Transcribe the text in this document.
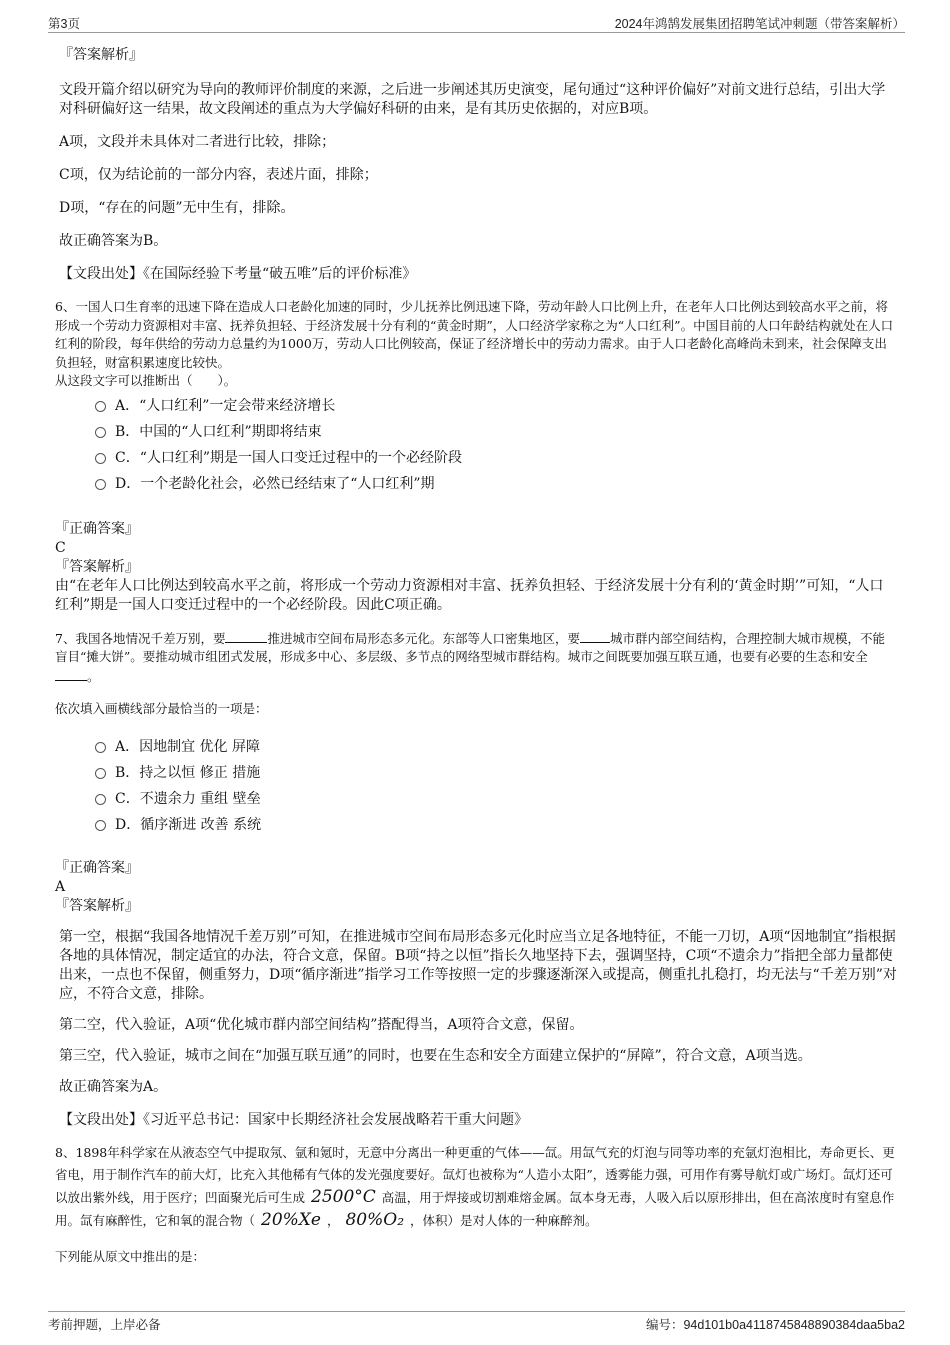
第3页	2024年鸿鹄发展集团招聘笔试冲刺题（带答案解析）
『答案解析』
文段开篇介绍以研究为导向的教师评价制度的来源，之后进一步阐述其历史演变，尾句通过“这种评价偏好”对前文进行总结，引出大学对科研偏好这一结果，故文段阐述的重点为大学偏好科研的由来，是有其历史依据的，对应B项。
A项，文段并未具体对二者进行比较，排除；
C项，仅为结论前的一部分内容，表述片面，排除；
D项，“存在的问题”无中生有，排除。
故正确答案为B。
【文段出处】《在国际经验下考量“破五唯”后的评价标准》
6、一国人口生育率的迅速下降在造成人口老龄化加速的同时，少儿抚养比例迅速下降，劳动年龄人口比例上升，在老年人口比例达到较高水平之前，将形成一个劳动力资源相对丰富、抚养负担轻、于经济发展十分有利的“黄金时期”，人口经济学家称之为“人口红利”。中国目前的人口年龄结构就处在人口红利的阶段，每年供给的劳动力总量约为1000万，劳动人口比例较高，保证了经济增长中的劳动力需求。由于人口老龄化高峰尚未到来，社会保障支出负担轻，财富积累速度比较快。
从这段文字可以推断出（　　）。
A．“人口红利”一定会带来经济增长
B．中国的“人口红利”期即将结束
C．“人口红利”期是一国人口变迁过程中的一个必经阶段
D．一个老龄化社会，必然已经结束了“人口红利”期
『正确答案』
C
『答案解析』
由“在老年人口比例达到较高水平之前，将形成一个劳动力资源相对丰富、抚养负担轻、于经济发展十分有利的‘黄金时期’”可知，“人口红利”期是一国人口变迁过程中的一个必经阶段。因此C项正确。
7、我国各地情况千差万别，要	推进城市空间布局形态多元化。东部等人口密集地区，要 城市群内部空间结构，合理控制大城市规模，不能盲目“摊大饼”。要推动城市组团式发展，形成多中心、多层级、多节点的网络型城市群结构。城市之间既要加强互联互通，也要有必要的生态和安全。
依次填入画横线部分最恰当的一项是：
A．因地制宜 优化 屏障
B．持之以恒 修正 措施
C．不遗余力 重组 壁垒
D．循序渐进 改善 系统
『正确答案』
A
『答案解析』
第一空，根据“我国各地情况千差万别”可知，在推进城市空间布局形态多元化时应当立足各地特征，不能一刀切，A项“因地制宜”指根据各地的具体情况，制定适宜的办法，符合文意，保留。B项“持之以恒”指长久地坚持下去，强调坚持，C项“不遗余力”指把全部力量都使出来，一点也不保留，侧重努力，D项“循序渐进”指学习工作等按照一定的步骤逐渐深入或提高，侧重扎扎稳打，均无法与“千差万别”对应，不符合文意，排除。
第二空，代入验证，A项“优化城市群内部空间结构”搭配得当，A项符合文意，保留。
第三空，代入验证，城市之间在“加强互联互通”的同时，也要在生态和安全方面建立保护的“屏障”，符合文意，A项当选。
故正确答案为A。
【文段出处】《习近平总书记：国家中长期经济社会发展战略若干重大问题》
8、1898年科学家在从液态空气中提取氖、氩和氪时，无意中分离出一种更重的气体——氙。用氙气充的灯泡与同等功率的充氩灯泡相比，寿命更长、更省电，用于制作汽车的前大灯，比充入其他稀有气体的发光强度要好。氙灯也被称为“人造小太阳”，透雾能力强，可用作有雾导航灯或广场灯。氙灯还可以放出紫外线，用于医疗；凹面聚光后可生成 2500°C 高温，用于焊接或切割难熔金属。氙本身无毒，人吸入后以原形排出，但在高浓度时有窒息作用。氙有麻醉性，它和氧的混合物（ 20%Xe ， 80%O₂ ，体积）是对人体的一种麻醉剂。
下列能从原文中推出的是：
考前押题，上岸必备	编号：94d101b0a4118745848890384daa5ba2
